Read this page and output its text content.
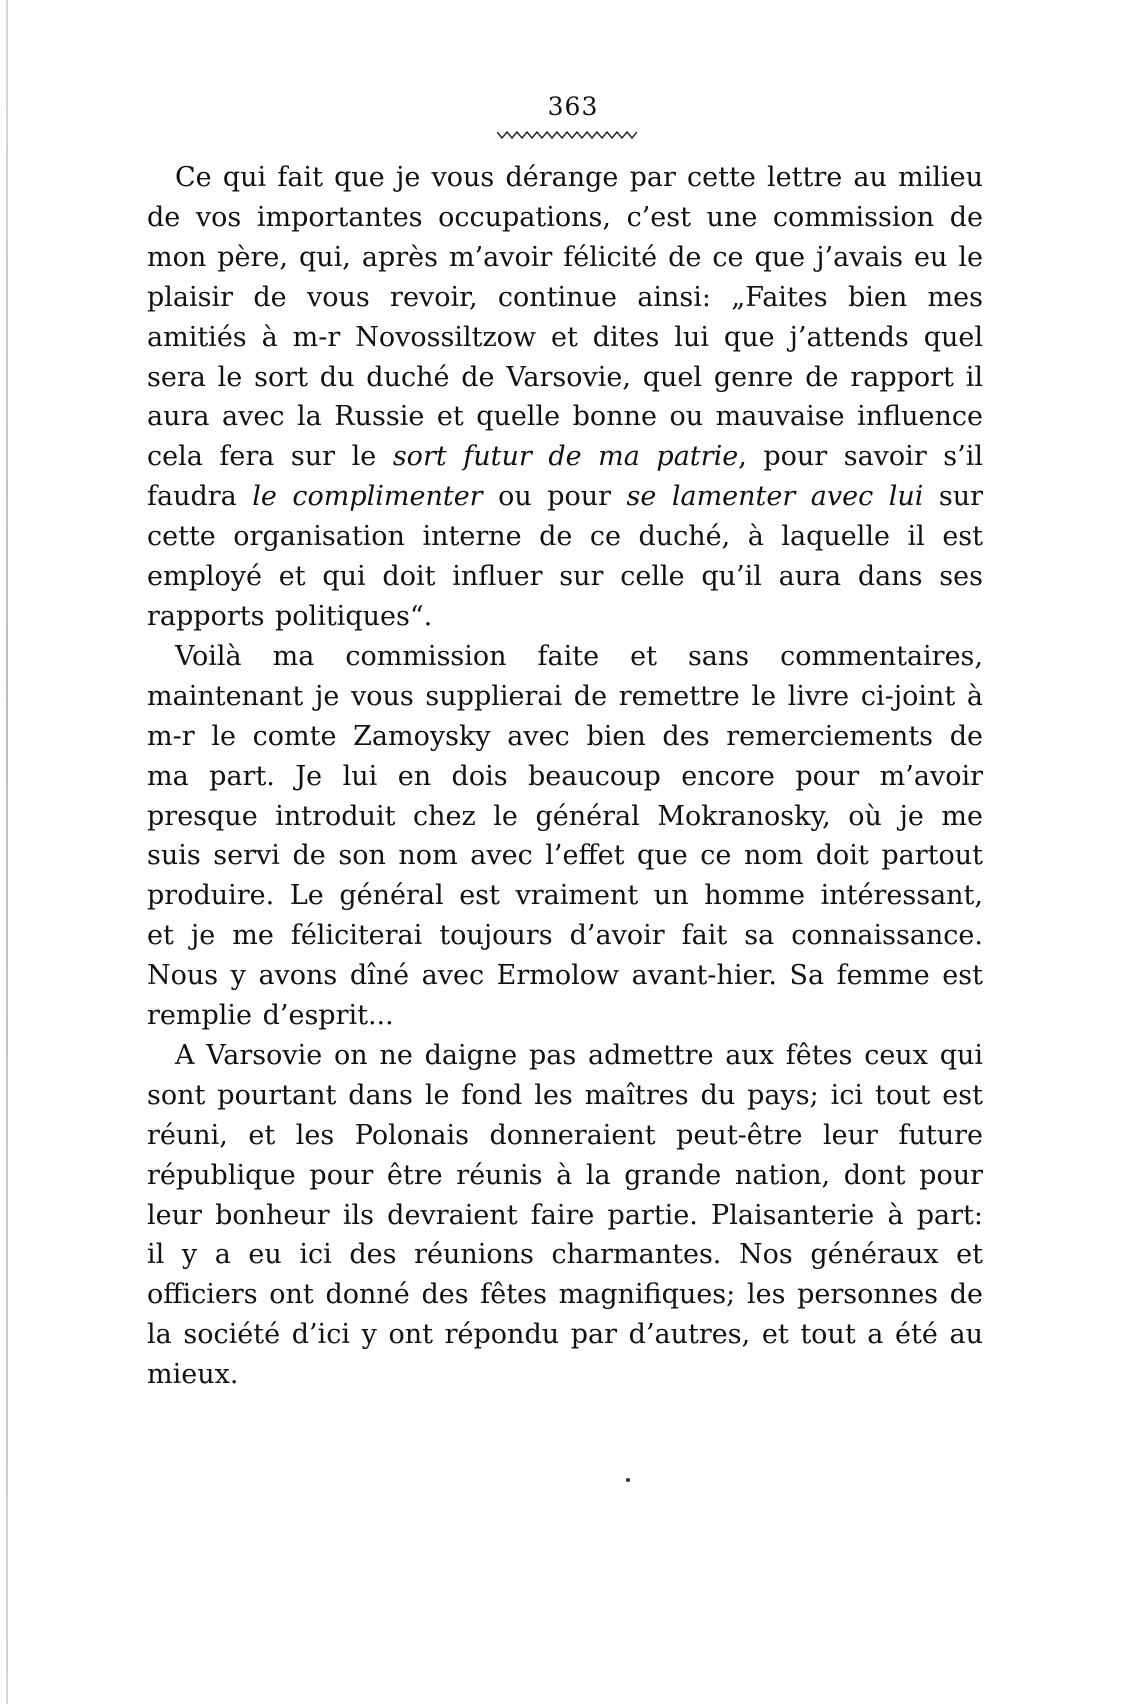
363

Ce qui fait que je vous dérange par cette lettre au milieu de vos importantes occupations, c’est une commission de mon père, qui, après m’avoir félicité de ce que j’avais eu le plaisir de vous revoir, continue ainsi: „Faites bien mes amitiés à m-r Novossiltzow et dites lui que j’attends quel sera le sort du duché de Varsovie, quel genre de rapport il aura avec la Russie et quelle bonne ou mauvaise influence cela fera sur le sort futur de ma patrie, pour savoir s’il faudra le complimenter ou pour se lamenter avec lui sur cette organisation interne de ce duché, à laquelle il est employé et qui doit influer sur celle qu’il aura dans ses rapports politiques“.

Voilà ma commission faite et sans commentaires, maintenant je vous supplierai de remettre le livre ci-joint à m-r le comte Zamoysky avec bien des remerciements de ma part. Je lui en dois beaucoup encore pour m’avoir presque introduit chez le général Mokranosky, où je me suis servi de son nom avec l’effet que ce nom doit partout produire. Le général est vraiment un homme intéressant, et je me féliciterai toujours d’avoir fait sa connaissance. Nous y avons dîné avec Ermolow avant-hier. Sa femme est remplie d’esprit...

A Varsovie on ne daigne pas admettre aux fêtes ceux qui sont pourtant dans le fond les maîtres du pays; ici tout est réuni, et les Polonais donneraient peut-être leur future république pour être réunis à la grande nation, dont pour leur bonheur ils devraient faire partie. Plaisanterie à part: il y a eu ici des réunions charmantes. Nos généraux et officiers ont donné des fêtes magnifiques; les personnes de la société d’ici y ont répondu par d’autres, et tout a été au mieux.
